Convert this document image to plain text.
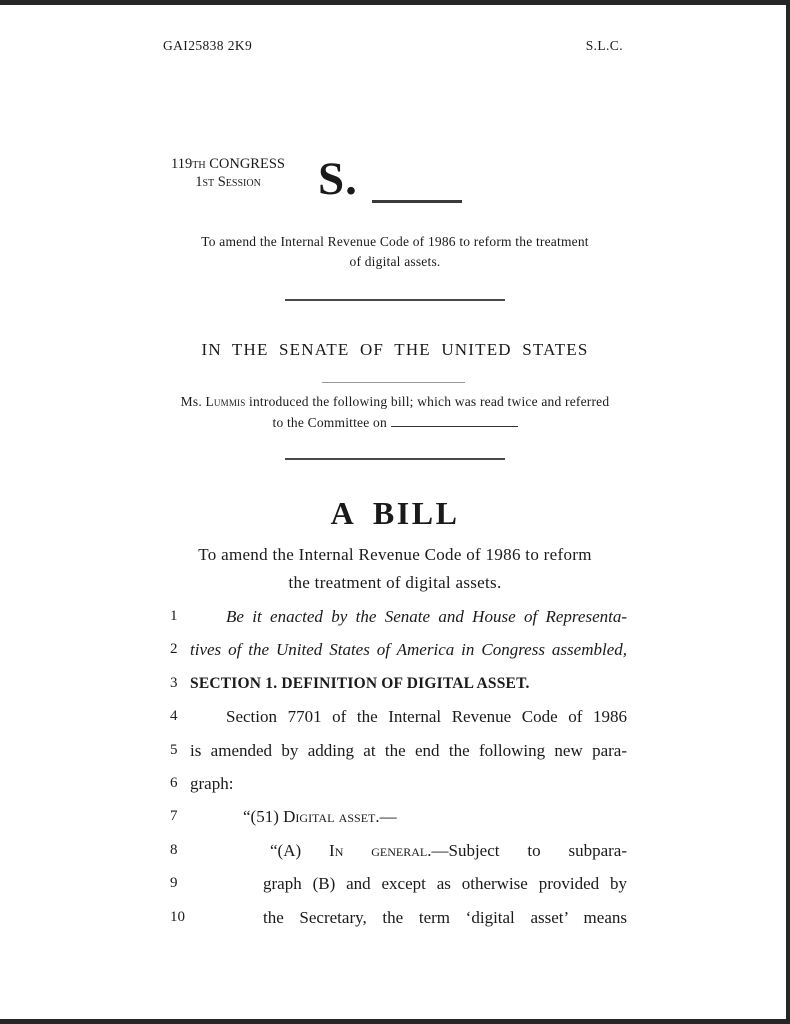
GAI25838 2K9	S.L.C.
119th CONGRESS
1st Session	S.
To amend the Internal Revenue Code of 1986 to reform the treatment
of digital assets.
IN THE SENATE OF THE UNITED STATES
Ms. Lummis introduced the following bill; which was read twice and referred
to the Committee on
A BILL
To amend the Internal Revenue Code of 1986 to reform
the treatment of digital assets.
1	Be it enacted by the Senate and House of Representa-
2 tives of the United States of America in Congress assembled,
3 SECTION 1. DEFINITION OF DIGITAL ASSET.
4	Section 7701 of the Internal Revenue Code of 1986
5 is amended by adding at the end the following new para-
6 graph:
7	“(51) Digital asset.—
8	“(A) In general.—Subject to subpara-
9	graph (B) and except as otherwise provided by
10	the Secretary, the term ‘digital asset’ means
